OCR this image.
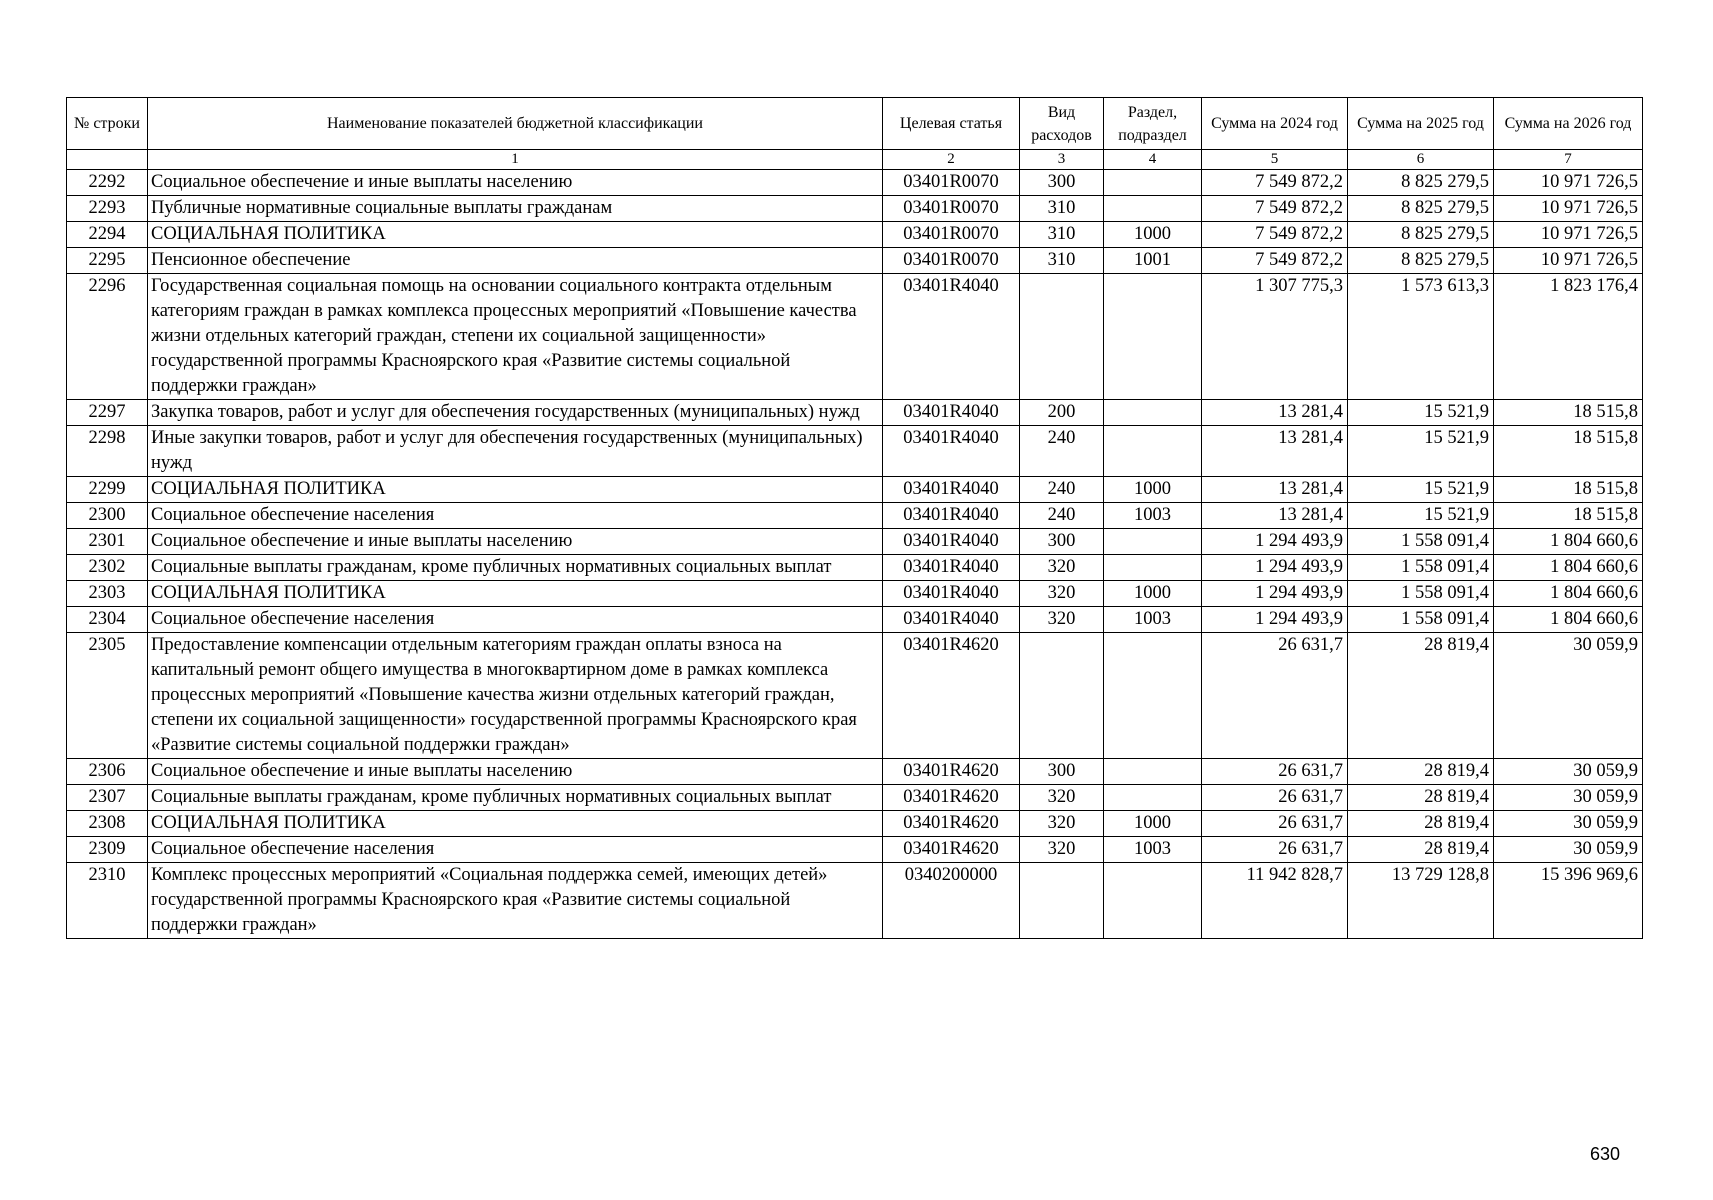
№ строки	Наименование показателей бюджетной классификации	Целевая статья	Вид расходов	Раздел, подраздел	Сумма на 2024 год	Сумма на 2025 год	Сумма на 2026 год
	1	2	3	4	5	6	7
2292	Социальное обеспечение и иные выплаты населению	03401R0070	300		7 549 872,2	8 825 279,5	10 971 726,5
2293	Публичные нормативные социальные выплаты гражданам	03401R0070	310		7 549 872,2	8 825 279,5	10 971 726,5
2294	СОЦИАЛЬНАЯ ПОЛИТИКА	03401R0070	310	1000	7 549 872,2	8 825 279,5	10 971 726,5
2295	Пенсионное обеспечение	03401R0070	310	1001	7 549 872,2	8 825 279,5	10 971 726,5
2296	Государственная социальная помощь на основании социального контракта отдельным категориям граждан в рамках комплекса процессных мероприятий «Повышение качества жизни отдельных категорий граждан, степени их социальной защищенности» государственной программы Красноярского края «Развитие системы социальной поддержки граждан»	03401R4040			1 307 775,3	1 573 613,3	1 823 176,4
2297	Закупка товаров, работ и услуг для обеспечения государственных (муниципальных) нужд	03401R4040	200		13 281,4	15 521,9	18 515,8
2298	Иные закупки товаров, работ и услуг для обеспечения государственных (муниципальных) нужд	03401R4040	240		13 281,4	15 521,9	18 515,8
2299	СОЦИАЛЬНАЯ ПОЛИТИКА	03401R4040	240	1000	13 281,4	15 521,9	18 515,8
2300	Социальное обеспечение населения	03401R4040	240	1003	13 281,4	15 521,9	18 515,8
2301	Социальное обеспечение и иные выплаты населению	03401R4040	300		1 294 493,9	1 558 091,4	1 804 660,6
2302	Социальные выплаты гражданам, кроме публичных нормативных социальных выплат	03401R4040	320		1 294 493,9	1 558 091,4	1 804 660,6
2303	СОЦИАЛЬНАЯ ПОЛИТИКА	03401R4040	320	1000	1 294 493,9	1 558 091,4	1 804 660,6
2304	Социальное обеспечение населения	03401R4040	320	1003	1 294 493,9	1 558 091,4	1 804 660,6
2305	Предоставление компенсации отдельным категориям граждан оплаты взноса на капитальный ремонт общего имущества в многоквартирном доме в рамках комплекса процессных мероприятий «Повышение качества жизни отдельных категорий граждан, степени их социальной защищенности» государственной программы Красноярского края «Развитие системы социальной поддержки граждан»	03401R4620			26 631,7	28 819,4	30 059,9
2306	Социальное обеспечение и иные выплаты населению	03401R4620	300		26 631,7	28 819,4	30 059,9
2307	Социальные выплаты гражданам, кроме публичных нормативных социальных выплат	03401R4620	320		26 631,7	28 819,4	30 059,9
2308	СОЦИАЛЬНАЯ ПОЛИТИКА	03401R4620	320	1000	26 631,7	28 819,4	30 059,9
2309	Социальное обеспечение населения	03401R4620	320	1003	26 631,7	28 819,4	30 059,9
2310	Комплекс процессных мероприятий «Социальная поддержка семей, имеющих детей» государственной программы Красноярского края «Развитие системы социальной поддержки граждан»	0340200000			11 942 828,7	13 729 128,8	15 396 969,6
630
